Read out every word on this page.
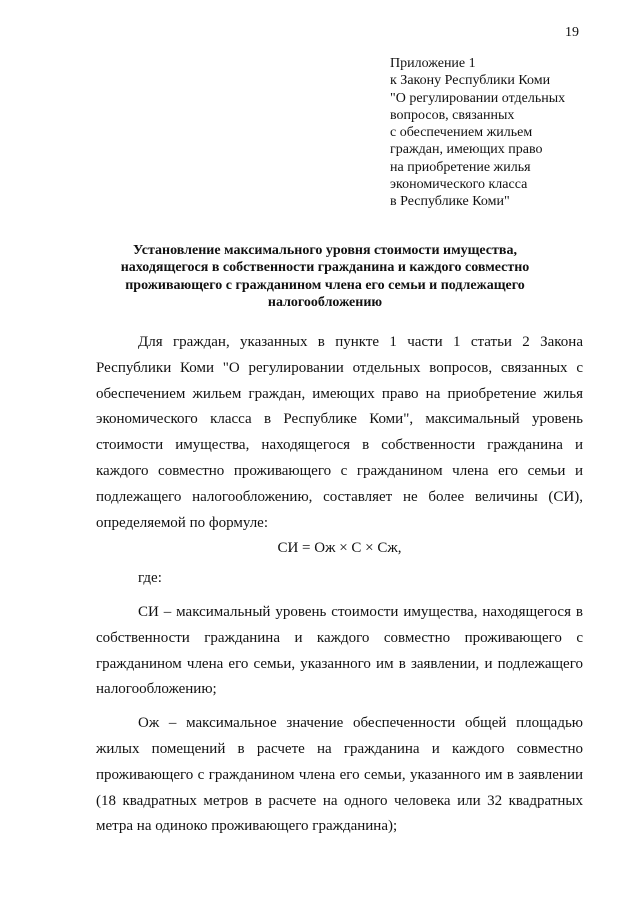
19
Приложение 1
к Закону Республики Коми
"О регулировании отдельных
вопросов, связанных
с обеспечением жильем
граждан, имеющих право
на приобретение жилья
экономического класса
в Республике Коми"
Установление максимального уровня стоимости имущества,
находящегося в собственности гражданина и каждого совместно
проживающего с гражданином члена его семьи и подлежащего
налогообложению

Для граждан, указанных в пункте 1 части 1 статьи 2 Закона Республики Коми "О регулировании отдельных вопросов, связанных с обеспечением жильем граждан, имеющих право на приобретение жилья экономического класса в Республике Коми", максимальный уровень стоимости имущества, находящегося в собственности гражданина и каждого совместно проживающего с гражданином члена его семьи и подлежащего налогообложению, составляет не более величины (СИ), определяемой по формуле:

СИ = Ож × С × Сж,
где:

СИ – максимальный уровень стоимости имущества, находящегося в собственности гражданина и каждого совместно проживающего с гражданином члена его семьи, указанного им в заявлении, и подлежащего налогообложению;

Ож – максимальное значение обеспеченности общей площадью жилых помещений в расчете на гражданина и каждого совместно проживающего с гражданином члена его семьи, указанного им в заявлении (18 квадратных метров в расчете на одного человека или 32 квадратных метра на одиноко проживающего гражданина);
